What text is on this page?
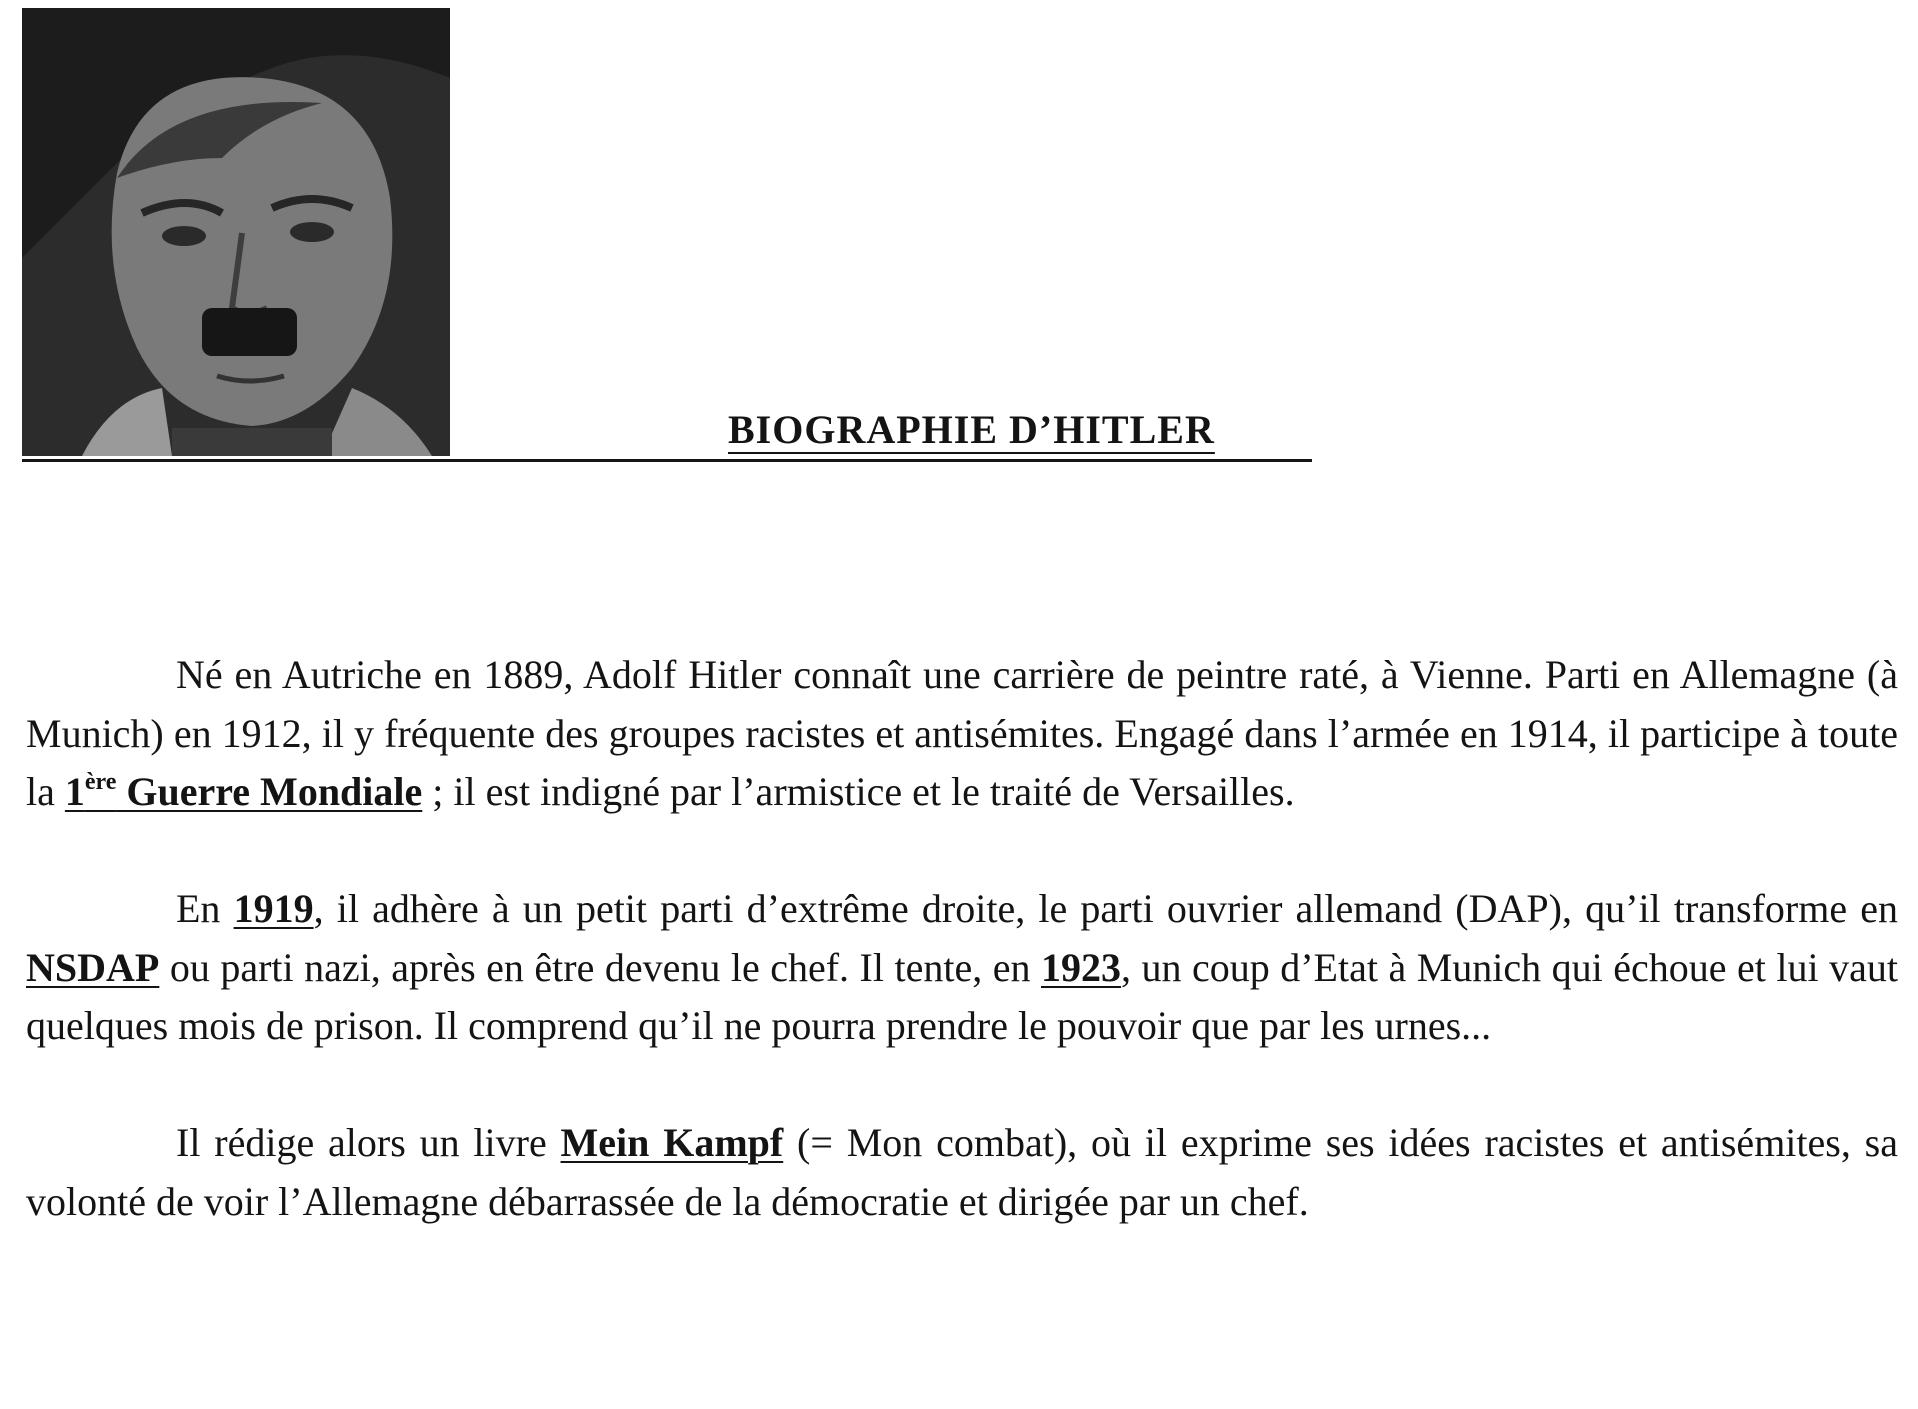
BIOGRAPHIE D’HITLER

Né en Autriche en 1889, Adolf Hitler connaît une carrière de peintre raté, à Vienne. Parti en Allemagne (à Munich) en 1912, il y fréquente des groupes racistes et antisémites. Engagé dans l’armée en 1914, il participe à toute la 1ère Guerre Mondiale ; il est indigné par l’armistice et le traité de Versailles.

En 1919, il adhère à un petit parti d’extrême droite, le parti ouvrier allemand (DAP), qu’il transforme en NSDAP ou parti nazi, après en être devenu le chef. Il tente, en 1923, un coup d’Etat à Munich qui échoue et lui vaut quelques mois de prison. Il comprend qu’il ne pourra prendre le pouvoir que par les urnes...

Il rédige alors un livre Mein Kampf (= Mon combat), où il exprime ses idées racistes et antisémites, sa volonté de voir l’Allemagne débarrassée de la démocratie et dirigée par un chef.
